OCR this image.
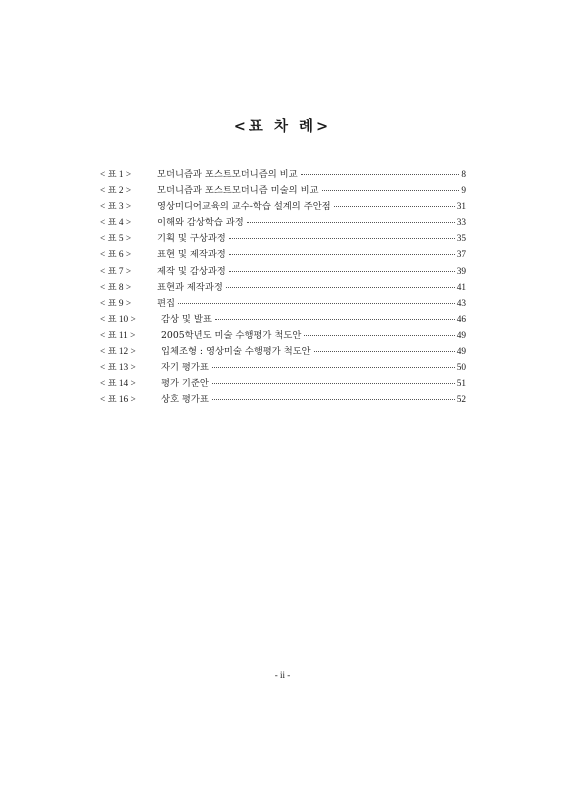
<표 차 례>
< 표 1 >	모더니즘과 포스트모더니즘의 비교	8
< 표 2 >	모더니즘과 포스트모더니즘 미술의 비교	9
< 표 3 >	영상미디어교육의 교수-학습 설계의 주안점	31
< 표 4 >	이해와 감상학습 과정	33
< 표 5 >	기획 및 구상과정	35
< 표 6 >	표현 및 제작과정	37
< 표 7 >	제작 및 감상과정	39
< 표 8 >	표현과 제작과정	41
< 표 9 >	편집	43
< 표 10 >	감상 및 발표	46
< 표 11 >	2005학년도 미술 수행평가 척도안	49
< 표 12 >	입체조형 : 영상미술 수행평가 척도안	49
< 표 13 >	자기 평가표	50
< 표 14 >	평가 기준안	51
< 표 16 >	상호 평가표	52
- ii -
